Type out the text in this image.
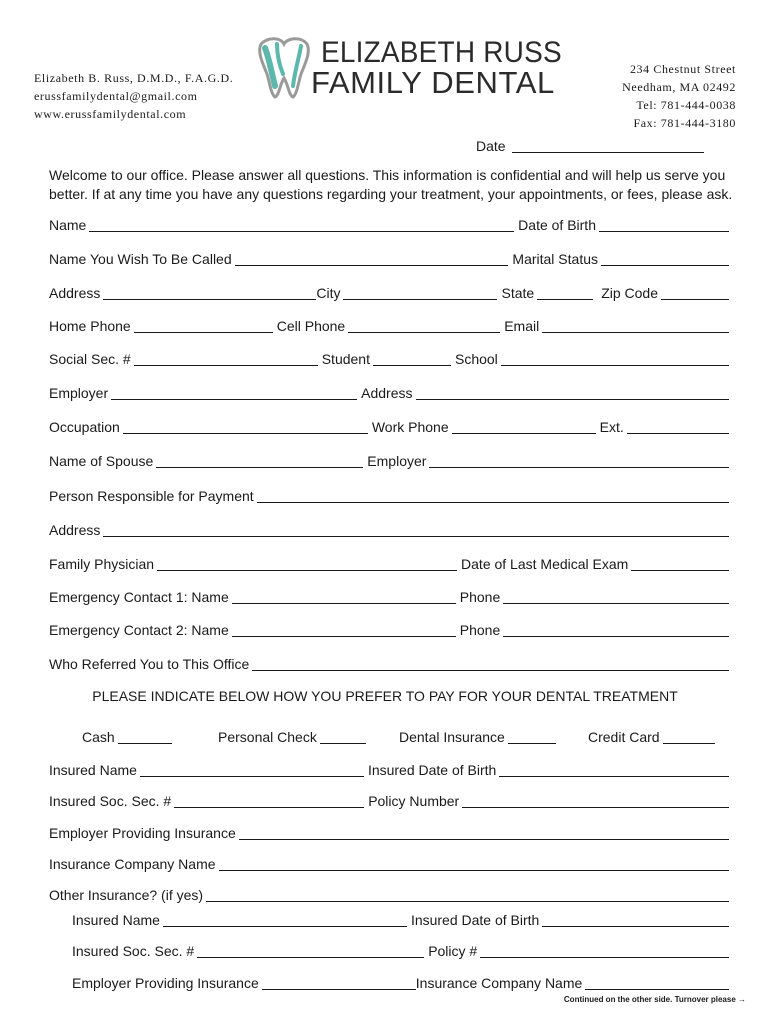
Elizabeth B. Russ, D.M.D., F.A.G.D.
erussfamilydental@gmail.com
www.erussfamilydental.com
ELIZABETH RUSS
FAMILY DENTAL	234 Chestnut Street
Needham, MA 02492
Tel: 781-444-0038
Fax: 781-444-3180
Date
Welcome to our office. Please answer all questions. This information is confidential and will help us serve you better. If at any time you have any questions regarding your treatment, your appointments, or fees, please ask.
Name	Date of Birth
Name You Wish To Be Called	Marital Status
Address	City	State	Zip Code
Home Phone	Cell Phone	Email
Social Sec. #	Student	School
Employer	Address
Occupation	Work Phone	Ext.
Name of Spouse	Employer
Person Responsible for Payment
Address
Family Physician	Date of Last Medical Exam
Emergency Contact 1: Name	Phone
Emergency Contact 2: Name	Phone
Who Referred You to This Office
PLEASE INDICATE BELOW HOW YOU PREFER TO PAY FOR YOUR DENTAL TREATMENT
Cash	Personal Check	Dental Insurance	Credit Card
Insured Name	Insured Date of Birth
Insured Soc. Sec. #	Policy Number
Employer Providing Insurance
Insurance Company Name
Other Insurance? (if yes)
Insured Name	Insured Date of Birth
Insured Soc. Sec. #	Policy #
Employer Providing Insurance	Insurance Company Name
Continued on the other side. Turnover please →
